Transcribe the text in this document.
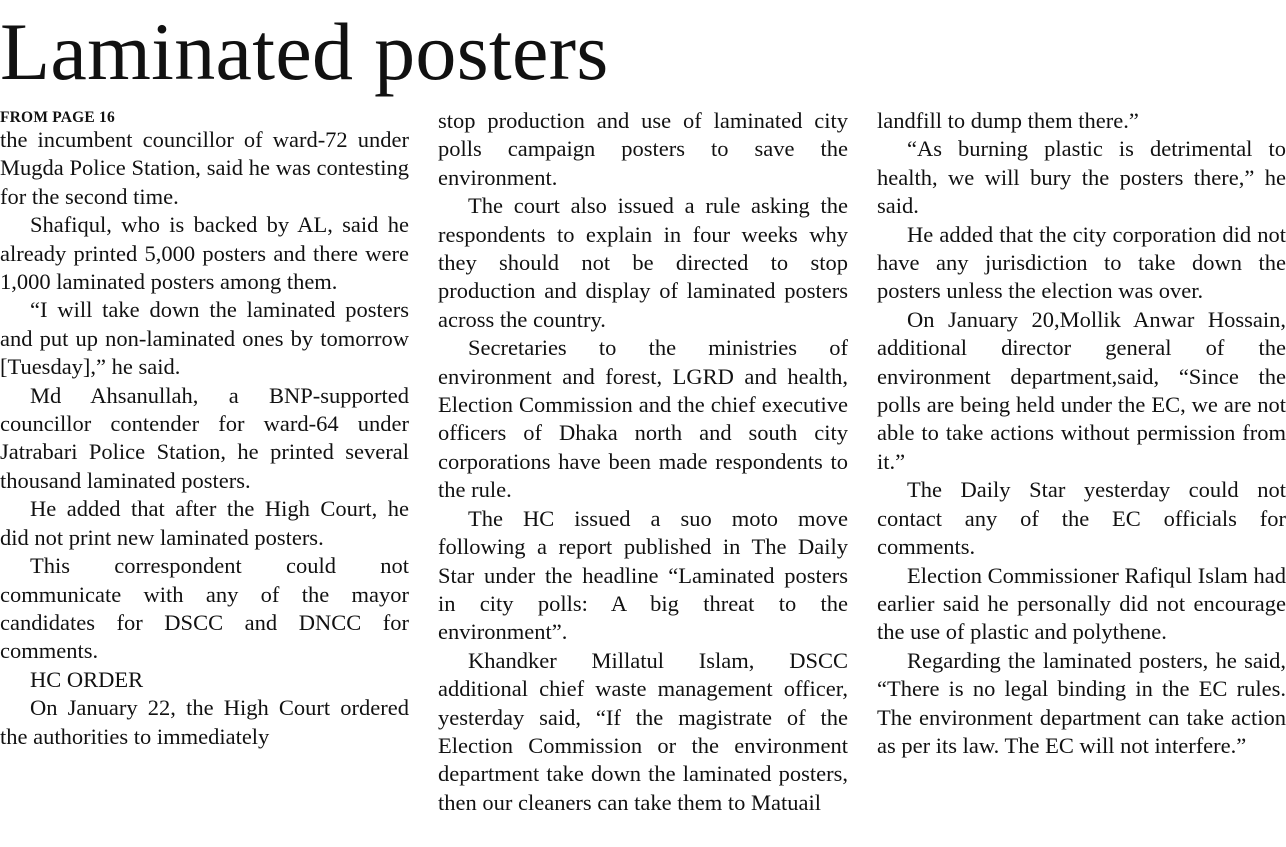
Laminated posters
FROM PAGE 16

the incumbent councillor of ward-72 under Mugda Police Station, said he was contesting for the second time.

Shafiqul, who is backed by AL, said he already printed 5,000 posters and there were 1,000 laminated posters among them.

“I will take down the laminated posters and put up non-laminated ones by tomorrow [Tuesday],” he said.

Md Ahsanullah, a BNP-supported councillor contender for ward-64 under Jatrabari Police Station, he printed several thousand laminated posters.

He added that after the High Court, he did not print new laminated posters.

This correspondent could not communicate with any of the mayor candidates for DSCC and DNCC for comments.

HC ORDER

On January 22, the High Court ordered the authorities to immediately

stop production and use of laminated city polls campaign posters to save the environment.

The court also issued a rule asking the respondents to explain in four weeks why they should not be directed to stop production and display of laminated posters across the country.

Secretaries to the ministries of environment and forest, LGRD and health, Election Commission and the chief executive officers of Dhaka north and south city corporations have been made respondents to the rule.

The HC issued a suo moto move following a report published in The Daily Star under the headline “Laminated posters in city polls: A big threat to the environment”.

Khandker Millatul Islam, DSCC additional chief waste management officer, yesterday said, “If the magistrate of the Election Commission or the environment department take down the laminated posters, then our cleaners can take them to Matuail

landfill to dump them there.”

“As burning plastic is detrimental to health, we will bury the posters there,” he said.

He added that the city corporation did not have any jurisdiction to take down the posters unless the election was over.

On January 20,Mollik Anwar Hossain, additional director general of the environment department,said, “Since the polls are being held under the EC, we are not able to take actions without permission from it.”

The Daily Star yesterday could not contact any of the EC officials for comments.

Election Commissioner Rafiqul Islam had earlier said he personally did not encourage the use of plastic and polythene.

Regarding the laminated posters, he said, “There is no legal binding in the EC rules. The environment department can take action as per its law. The EC will not interfere.”
